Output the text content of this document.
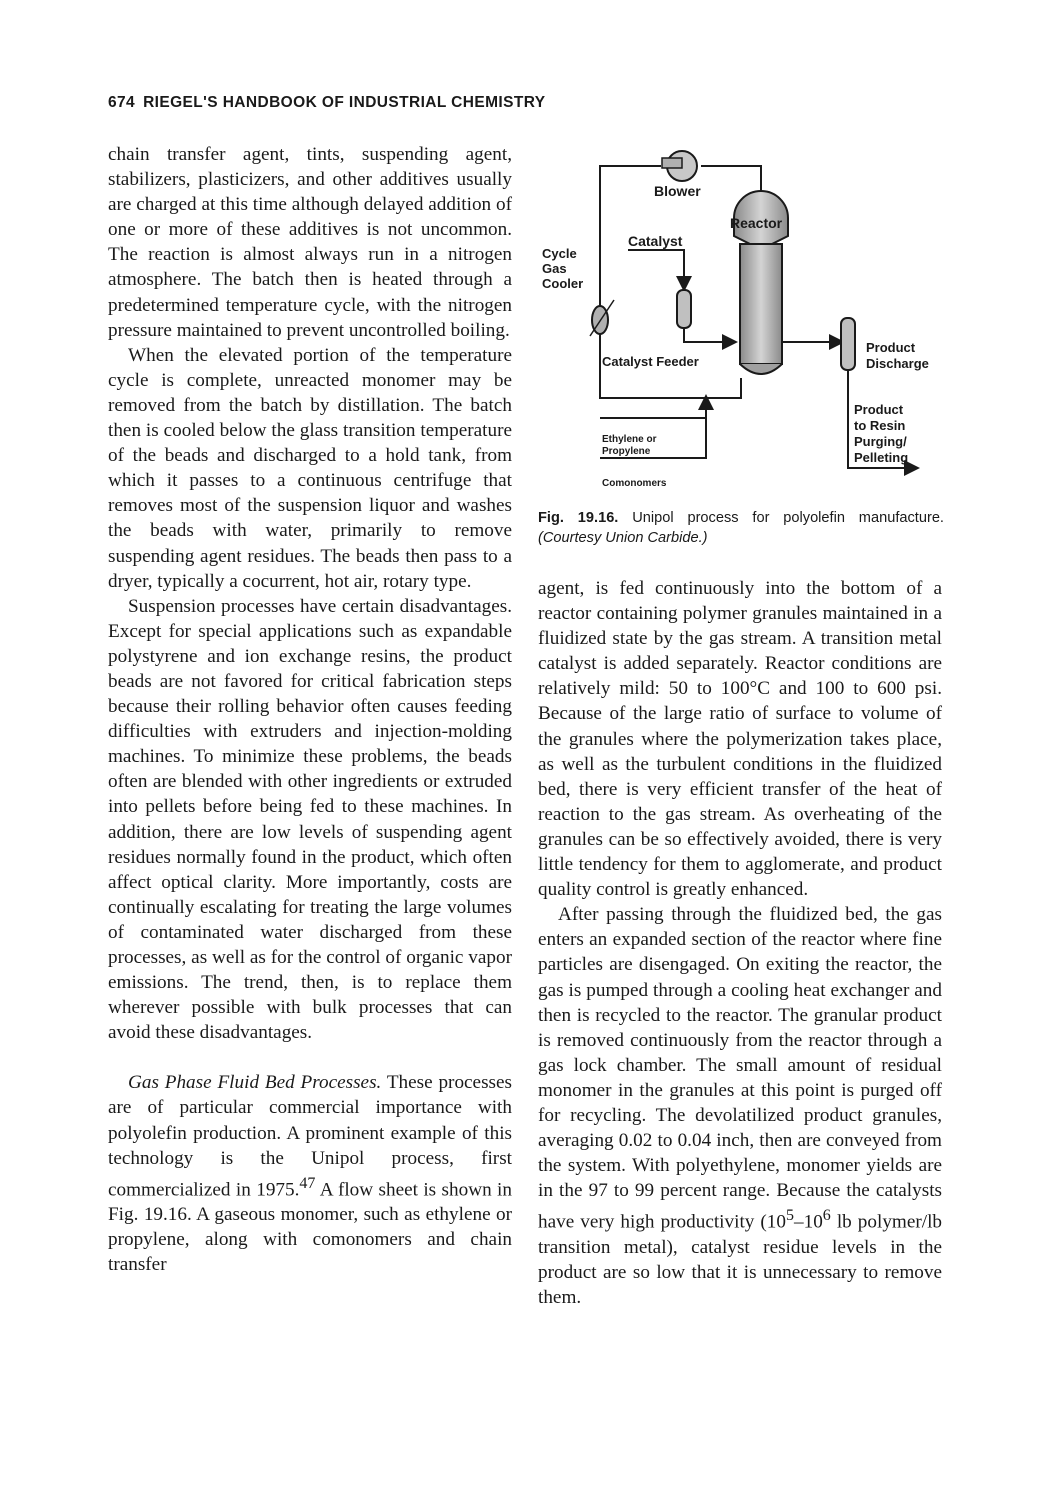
674 RIEGEL'S HANDBOOK OF INDUSTRIAL CHEMISTRY

chain transfer agent, tints, suspending agent, stabilizers, plasticizers, and other additives usually are charged at this time although delayed addition of one or more of these additives is not uncommon. The reaction is almost always run in a nitrogen atmosphere. The batch then is heated through a predetermined temperature cycle, with the nitrogen pressure maintained to prevent uncontrolled boiling.

When the elevated portion of the temperature cycle is complete, unreacted monomer may be removed from the batch by distillation. The batch then is cooled below the glass transition temperature of the beads and discharged to a hold tank, from which it passes to a continuous centrifuge that removes most of the suspension liquor and washes the beads with water, primarily to remove suspending agent residues. The beads then pass to a dryer, typically a cocurrent, hot air, rotary type.

Suspension processes have certain disadvantages. Except for special applications such as expandable polystyrene and ion exchange resins, the product beads are not favored for critical fabrication steps because their rolling behavior often causes feeding difficulties with extruders and injection-molding machines. To minimize these problems, the beads often are blended with other ingredients or extruded into pellets before being fed to these machines. In addition, there are low levels of suspending agent residues normally found in the product, which often affect optical clarity. More importantly, costs are continually escalating for treating the large volumes of contaminated water discharged from these processes, as well as for the control of organic vapor emissions. The trend, then, is to replace them wherever possible with bulk processes that can avoid these disadvantages.

Gas Phase Fluid Bed Processes. These processes are of particular commercial importance with polyolefin production. A prominent example of this technology is the Unipol process, first commercialized in 1975.47 A flow sheet is shown in Fig. 19.16. A gaseous monomer, such as ethylene or propylene, along with comonomers and chain transfer

Blower
Reactor
Catalyst
Cycle
Gas
Cooler
Catalyst Feeder
Product
Discharge
Product
to Resin
Purging/
Pelleting
Ethylene or
Propylene
Comonomers
Fig. 19.16. Unipol process for polyolefin manufacture. (Courtesy Union Carbide.)

agent, is fed continuously into the bottom of a reactor containing polymer granules maintained in a fluidized state by the gas stream. A transition metal catalyst is added separately. Reactor conditions are relatively mild: 50 to 100°C and 100 to 600 psi. Because of the large ratio of surface to volume of the granules where the polymerization takes place, as well as the turbulent conditions in the fluidized bed, there is very efficient transfer of the heat of reaction to the gas stream. As overheating of the granules can be so effectively avoided, there is very little tendency for them to agglomerate, and product quality control is greatly enhanced.

After passing through the fluidized bed, the gas enters an expanded section of the reactor where fine particles are disengaged. On exiting the reactor, the gas is pumped through a cooling heat exchanger and then is recycled to the reactor. The granular product is removed continuously from the reactor through a gas lock chamber. The small amount of residual monomer in the granules at this point is purged off for recycling. The devolatilized product granules, averaging 0.02 to 0.04 inch, then are conveyed from the system. With polyethylene, monomer yields are in the 97 to 99 percent range. Because the catalysts have very high productivity ($10^5-10^6$ lb polymer/lb transition metal), catalyst residue levels in the product are so low that it is unnecessary to remove them.
